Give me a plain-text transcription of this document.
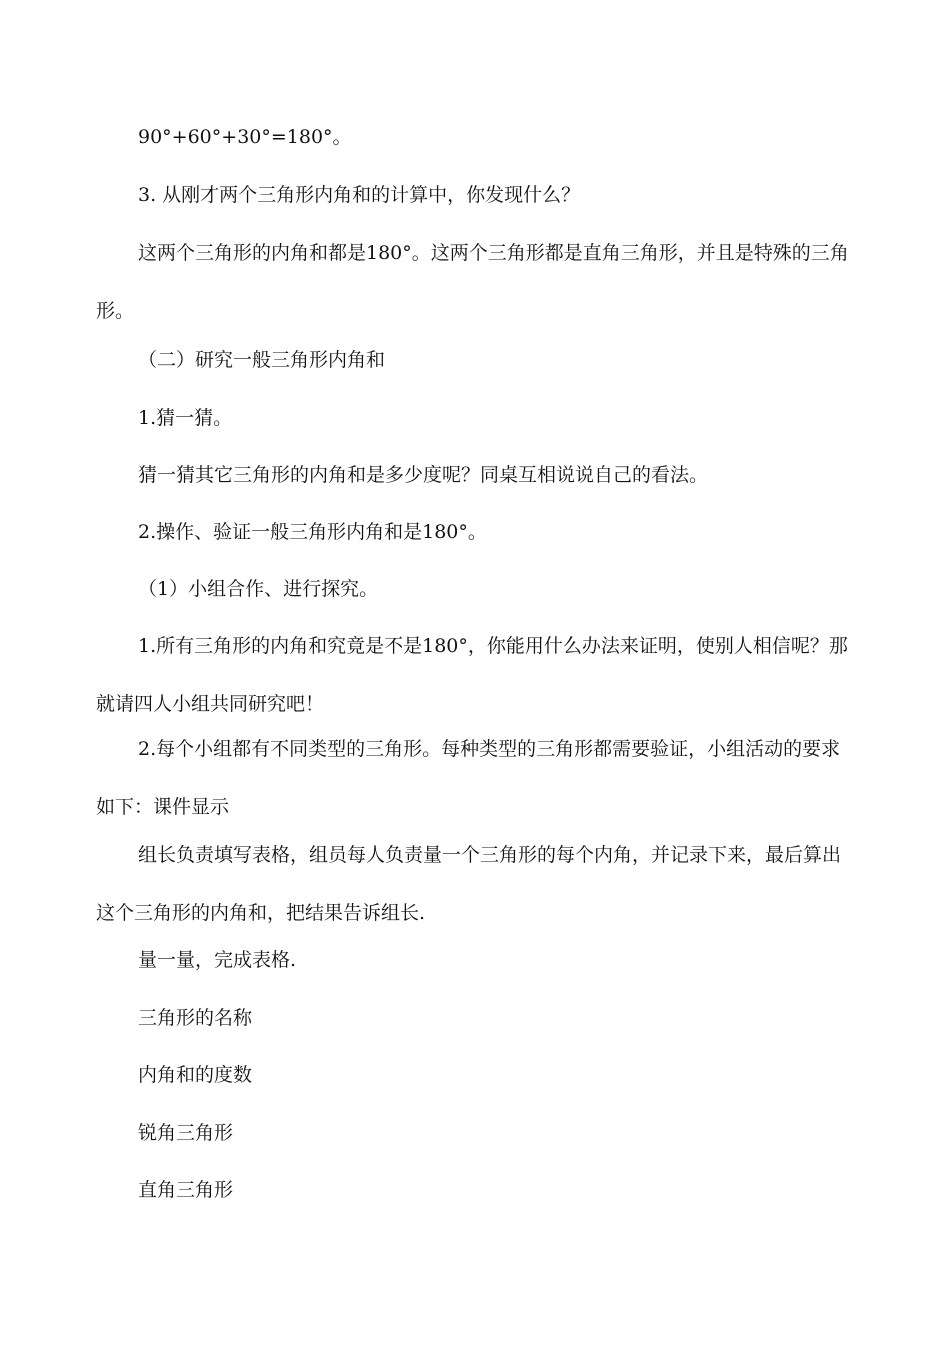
90°+60°+30°=180°。

3. 从刚才两个三角形内角和的计算中，你发现什么？

这两个三角形的内角和都是180°。这两个三角形都是直角三角形，并且是特殊的三角形。

（二）研究一般三角形内角和

1.猜一猜。

猜一猜其它三角形的内角和是多少度呢？同桌互相说说自己的看法。

2.操作、验证一般三角形内角和是180°。

（1）小组合作、进行探究。

1.所有三角形的内角和究竟是不是180°，你能用什么办法来证明，使别人相信呢？那就请四人小组共同研究吧！

2.每个小组都有不同类型的三角形。每种类型的三角形都需要验证，小组活动的要求如下：课件显示

组长负责填写表格，组员每人负责量一个三角形的每个内角，并记录下来，最后算出这个三角形的内角和，把结果告诉组长.

量一量，完成表格.

三角形的名称

内角和的度数

锐角三角形

直角三角形
